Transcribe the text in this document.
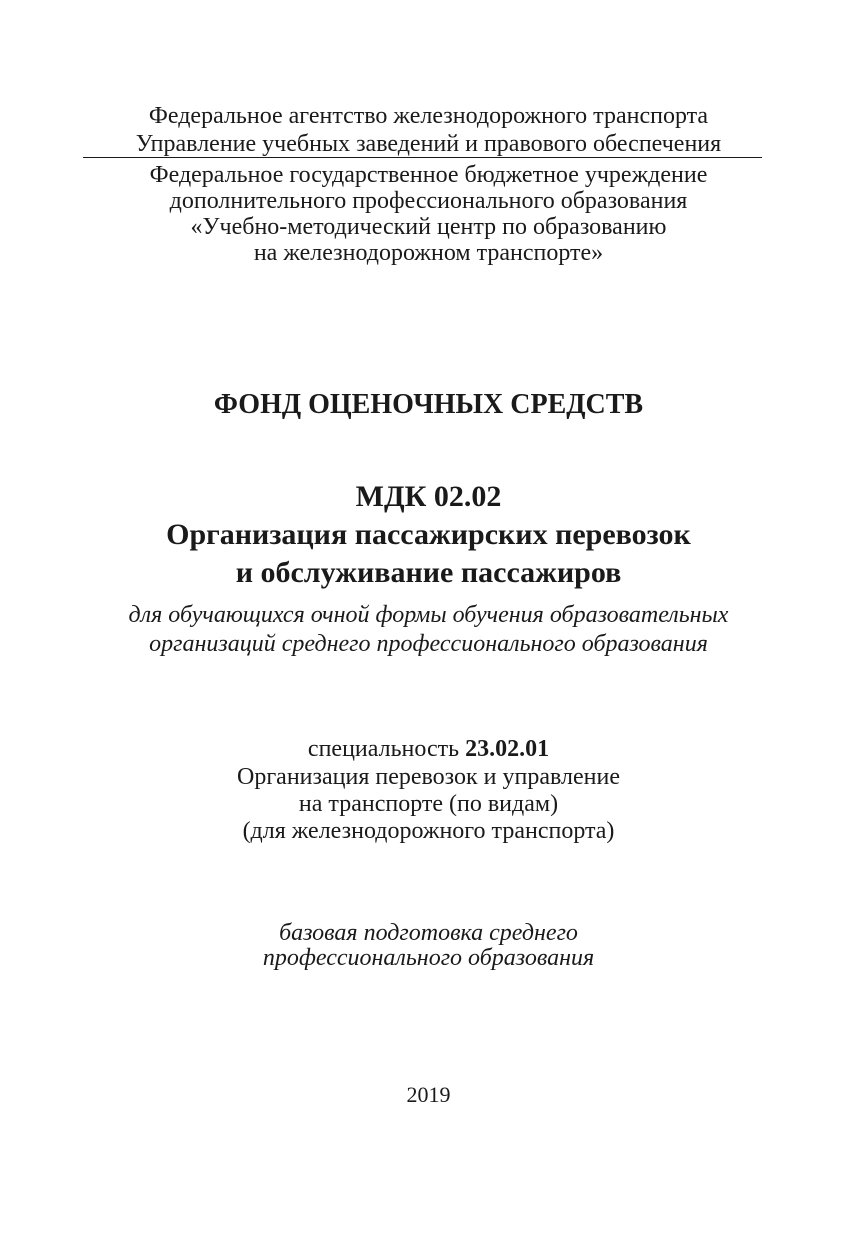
Федеральное агентство железнодорожного транспорта
Управление учебных заведений и правового обеспечения
Федеральное государственное бюджетное учреждение
дополнительного профессионального образования
«Учебно-методический центр по образованию
на железнодорожном транспорте»
ФОНД ОЦЕНОЧНЫХ СРЕДСТВ
МДК 02.02
Организация пассажирских перевозок
и обслуживание пассажиров
для обучающихся очной формы обучения образовательных
организаций среднего профессионального образования
специальность 23.02.01
Организация перевозок и управление
на транспорте (по видам)
(для железнодорожного транспорта)
базовая подготовка среднего
профессионального образования
2019
